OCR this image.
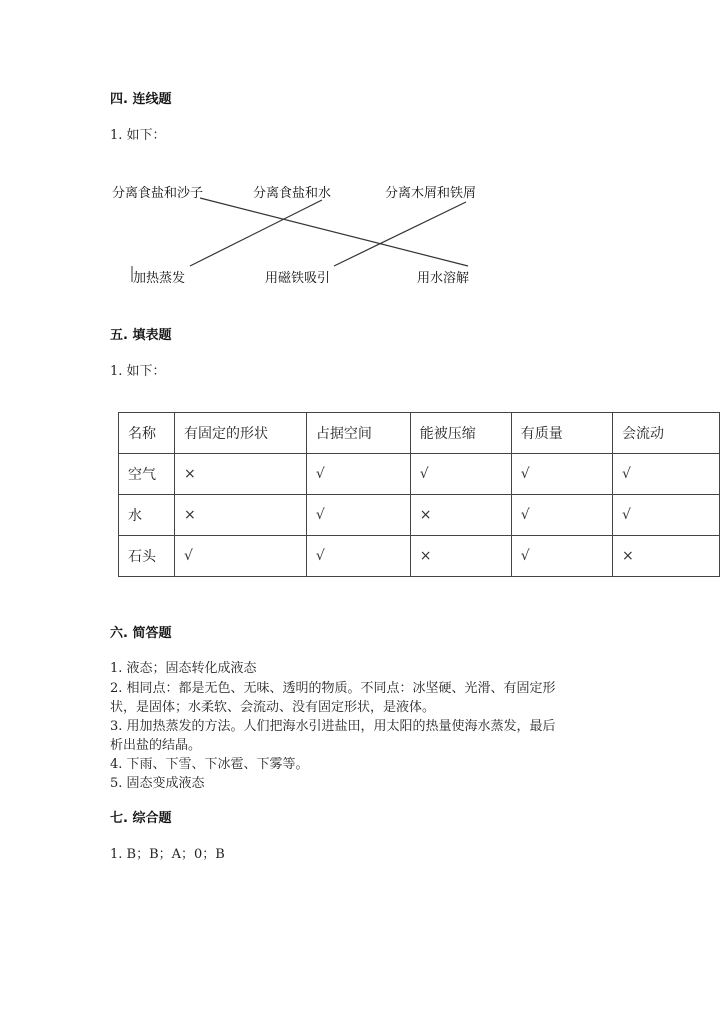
四. 连线题
1. 如下：
分离食盐和沙子	分离食盐和水	分离木屑和铁屑
加热蒸发	用磁铁吸引	用水溶解
五. 填表题
1. 如下：
名称	有固定的形状	占据空间	能被压缩	有质量	会流动
空气	×	√	√	√	√
水	×	√	×	√	√
石头	√	√	×	√	×
六. 简答题
1. 液态；固态转化成液态
2. 相同点：都是无色、无味、透明的物质。不同点：冰坚硬、光滑、有固定形
状，是固体；水柔软、会流动、没有固定形状，是液体。
3. 用加热蒸发的方法。人们把海水引进盐田，用太阳的热量使海水蒸发，最后
析出盐的结晶。
4. 下雨、下雪、下冰雹、下雾等。
5. 固态变成液态
七. 综合题
1. B；B；A；0；B
